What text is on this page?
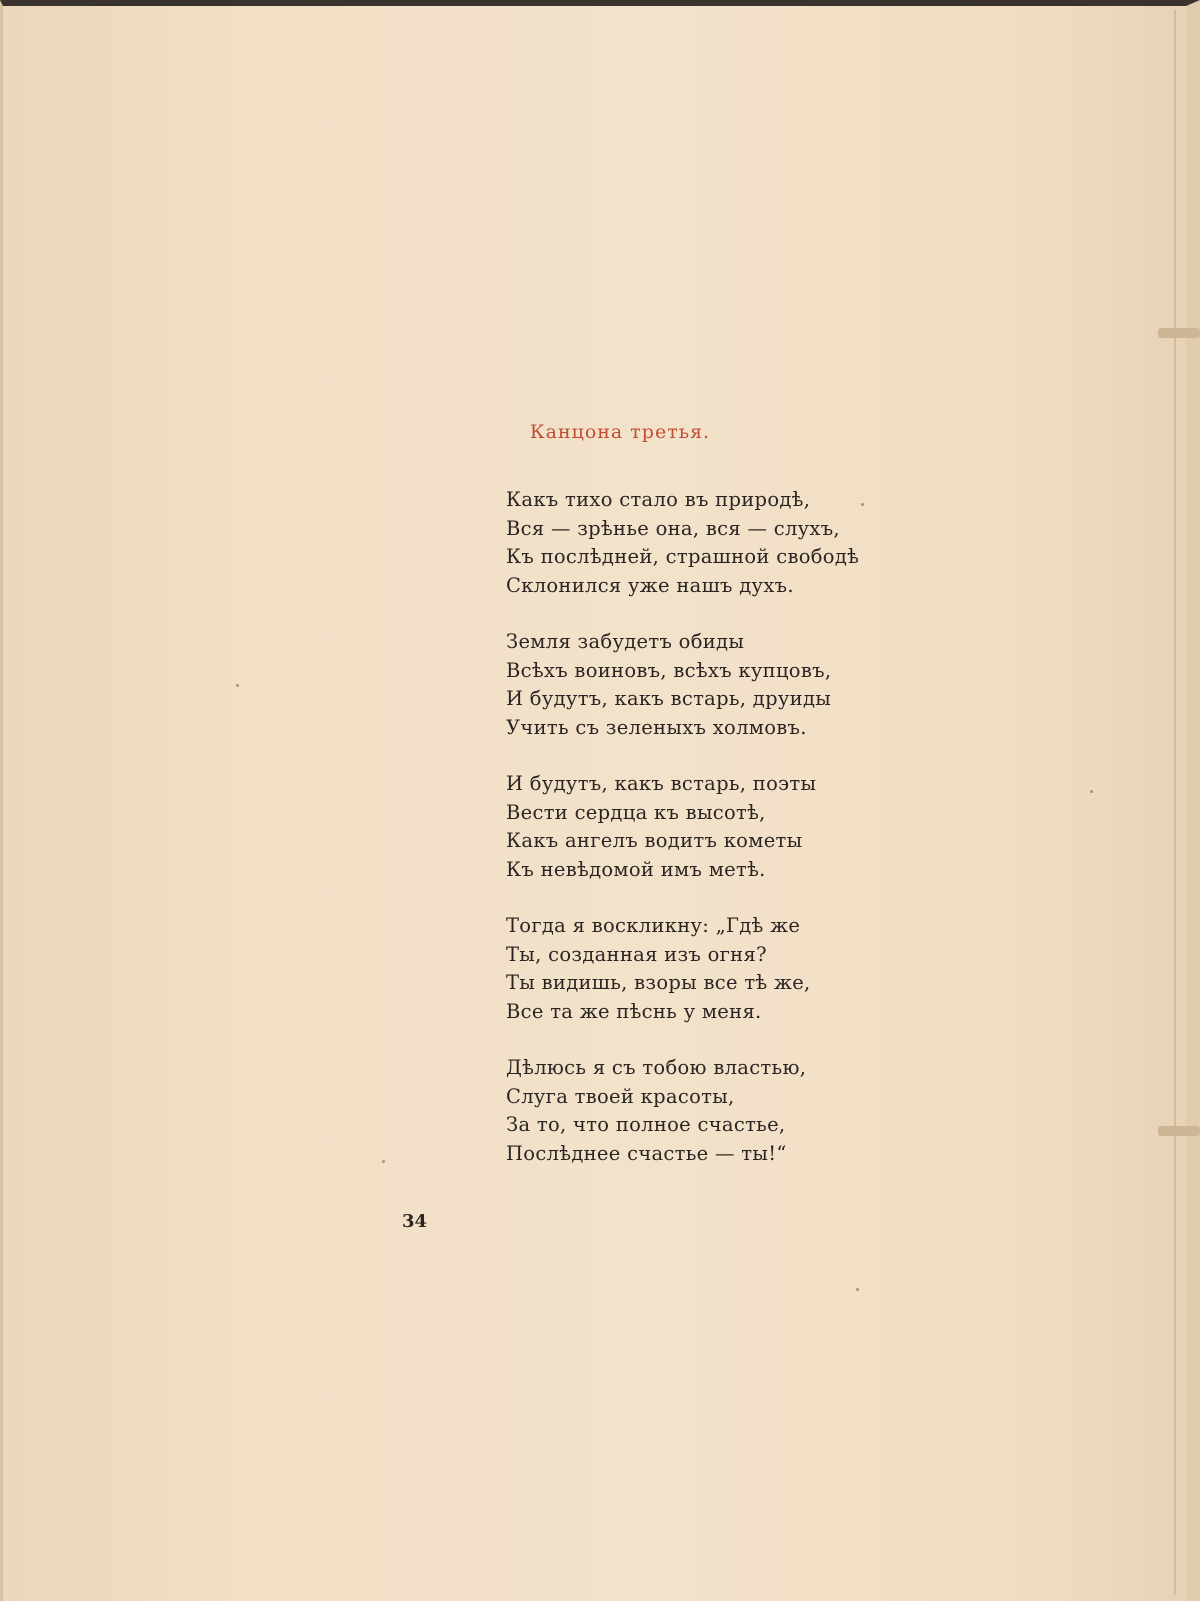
Канцона третья.
Какъ тихо стало въ природѣ,
Вся — зрѣнье она, вся — слухъ,
Къ послѣдней, страшной свободѣ
Склонился уже нашъ духъ.
Земля забудетъ обиды
Всѣхъ воиновъ, всѣхъ купцовъ,
И будутъ, какъ встарь, друиды
Учить съ зеленыхъ холмовъ.
И будутъ, какъ встарь, поэты
Вести сердца къ высотѣ,
Какъ ангелъ водитъ кометы
Къ невѣдомой имъ метѣ.
Тогда я воскликну: „Гдѣ же
Ты, созданная изъ огня?
Ты видишь, взоры все тѣ же,
Все та же пѣснь у меня.
Дѣлюсь я съ тобою властью,
Слуга твоей красоты,
За то, что полное счастье,
Послѣднее счастье — ты!“
34
